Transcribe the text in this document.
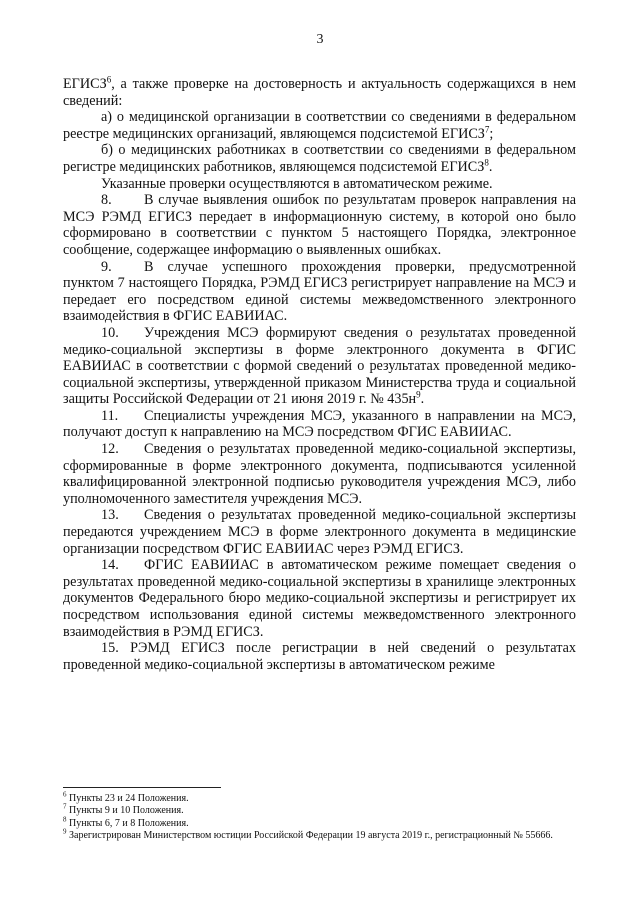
3

ЕГИСЗ$^6$, а также проверке на достоверность и актуальность содержащихся в нем сведений:

а) о медицинской организации в соответствии со сведениями в федеральном реестре медицинских организаций, являющемся подсистемой ЕГИСЗ$^7$;

б) о медицинских работниках в соответствии со сведениями в федеральном регистре медицинских работников, являющемся подсистемой ЕГИСЗ$^8$.

Указанные проверки осуществляются в автоматическом режиме.

8. В случае выявления ошибок по результатам проверок направления на МСЭ РЭМД ЕГИСЗ передает в информационную систему, в которой оно было сформировано в соответствии с пунктом 5 настоящего Порядка, электронное сообщение, содержащее информацию о выявленных ошибках.

9. В случае успешного прохождения проверки, предусмотренной пунктом 7 настоящего Порядка, РЭМД ЕГИСЗ регистрирует направление на МСЭ и передает его посредством единой системы межведомственного электронного взаимодействия в ФГИС ЕАВИИАС.

10. Учреждения МСЭ формируют сведения о результатах проведенной медико-социальной экспертизы в форме электронного документа в ФГИС ЕАВИИАС в соответствии с формой сведений о результатах проведенной медико-социальной экспертизы, утвержденной приказом Министерства труда и социальной защиты Российской Федерации от 21 июня 2019 г. № $435н^9$.

11. Специалисты учреждения МСЭ, указанного в направлении на МСЭ, получают доступ к направлению на МСЭ посредством ФГИС ЕАВИИАС.

12. Сведения о результатах проведенной медико-социальной экспертизы, сформированные в форме электронного документа, подписываются усиленной квалифицированной электронной подписью руководителя учреждения МСЭ, либо уполномоченного заместителя учреждения МСЭ.

13. Сведения о результатах проведенной медико-социальной экспертизы передаются учреждением МСЭ в форме электронного документа в медицинские организации посредством ФГИС ЕАВИИАС через РЭМД ЕГИСЗ.

14. ФГИС ЕАВИИАС в автоматическом режиме помещает сведения о результатах проведенной медико-социальной экспертизы в хранилище электронных документов Федерального бюро медико-социальной экспертизы и регистрирует их посредством использования единой системы межведомственного электронного взаимодействия в РЭМД ЕГИСЗ.

15. РЭМД ЕГИСЗ после регистрации в ней сведений о результатах проведенной медико-социальной экспертизы в автоматическом режиме

$^6$ Пункты 23 и 24 Положения.

$^7$ Пункты 9 и 10 Положения.

$^8$ Пункты 6, 7 и 8 Положения.

$^9$ Зарегистрирован Министерством юстиции Российской Федерации 19 августа 2019 г., регистрационный № 55666.
